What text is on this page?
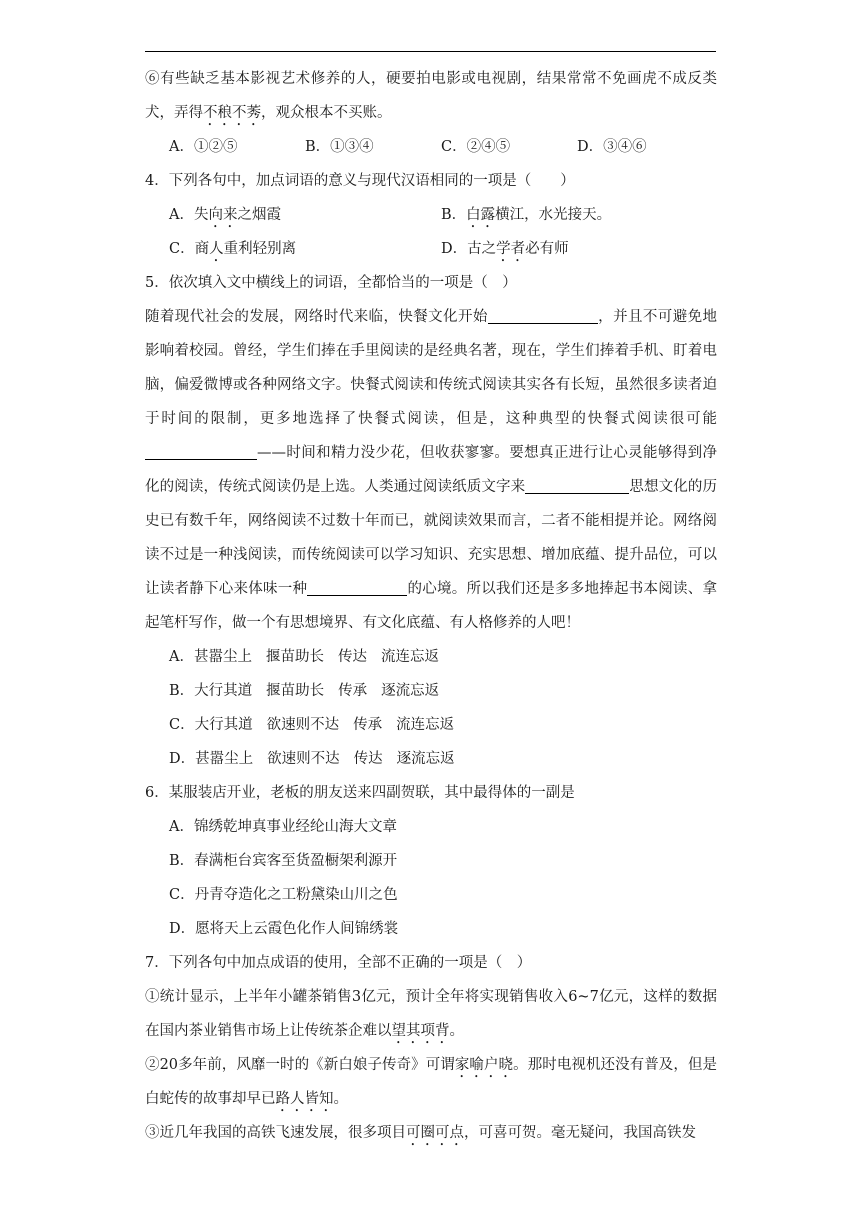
⑥有些缺乏基本影视艺术修养的人，硬要拍电影或电视剧，结果常常不免画虎不成反类犬，弄得不稂不莠，观众根本不买账。

A．①②⑤	B．①③④	C．②④⑤	D．③④⑥

4．下列各句中，加点词语的意义与现代汉语相同的一项是（　　）

A．失向来之烟霞	B．白露横江，水光接天。
C．商人重利轻别离	D．古之学者必有师

5．依次填入文中横线上的词语，全都恰当的一项是（　）

随着现代社会的发展，网络时代来临，快餐文化开始	，并且不可避免地影响着校园。曾经，学生们捧在手里阅读的是经典名著，现在，学生们捧着手机、盯着电脑，偏爱微博或各种网络文字。快餐式阅读和传统式阅读其实各有长短，虽然很多读者迫于时间的限制，更多地选择了快餐式阅读，但是，这种典型的快餐式阅读很可能——时间和精力没少花，但收获寥寥。要想真正进行让心灵能够得到净化的阅读，传统式阅读仍是上选。人类通过阅读纸质文字来	思想文化的历史已有数千年，网络阅读不过数十年而已，就阅读效果而言，二者不能相提并论。网络阅读不过是一种浅阅读，而传统阅读可以学习知识、充实思想、增加底蕴、提升品位，可以让读者静下心来体味一种	的心境。所以我们还是多多地捧起书本阅读、拿起笔杆写作，做一个有思想境界、有文化底蕴、有人格修养的人吧！

A．甚嚣尘上 揠苗助长 传达 流连忘返
B．大行其道 揠苗助长 传承 逐流忘返
C．大行其道 欲速则不达 传承 流连忘返
D．甚嚣尘上 欲速则不达 传达 逐流忘返

6．某服装店开业，老板的朋友送来四副贺联，其中最得体的一副是

A．锦绣乾坤真事业经纶山海大文章
B．春满柜台宾客至货盈橱架利源开
C．丹青夺造化之工粉黛染山川之色
D．愿将天上云霞色化作人间锦绣裳

7．下列各句中加点成语的使用，全部不正确的一项是（　）

①统计显示，上半年小罐茶销售3亿元，预计全年将实现销售收入6~7亿元，这样的数据在国内茶业销售市场上让传统茶企难以望其项背。

②20多年前，风靡一时的《新白娘子传奇》可谓家喻户晓。那时电视机还没有普及，但是白蛇传的故事却早已路人皆知。

③近几年我国的高铁飞速发展，很多项目可圈可点，可喜可贺。毫无疑问，我国高铁发
